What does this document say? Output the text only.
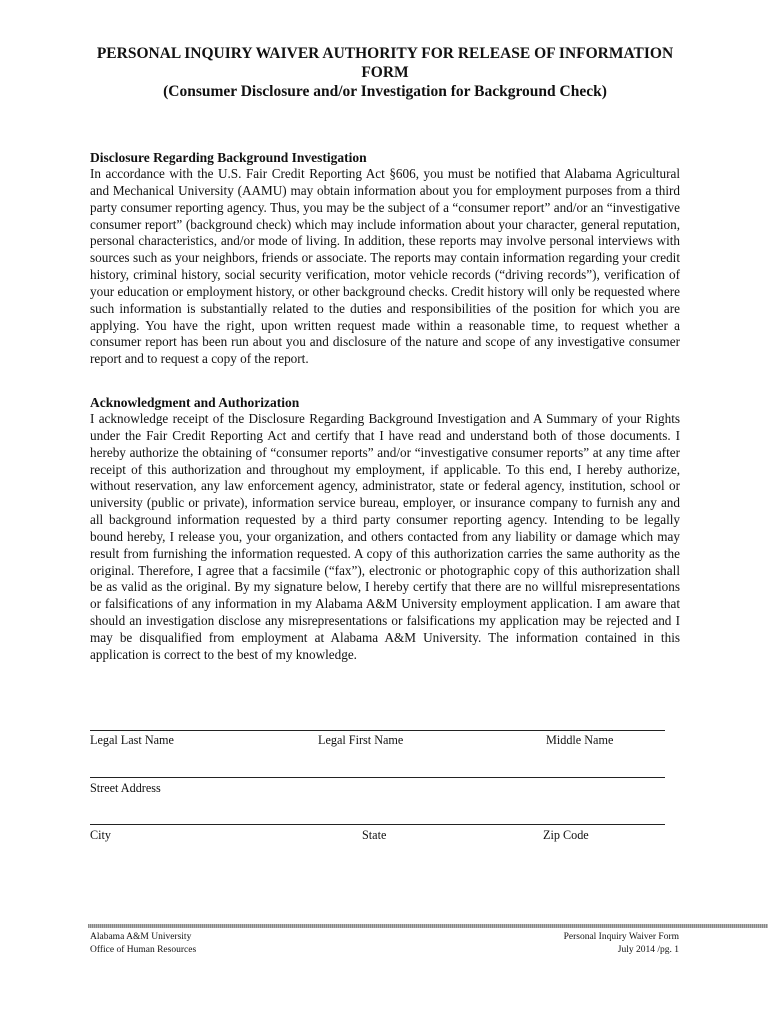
PERSONAL INQUIRY WAIVER AUTHORITY FOR RELEASE OF INFORMATION
FORM
(Consumer Disclosure and/or Investigation for Background Check)
Disclosure Regarding Background Investigation
In accordance with the U.S. Fair Credit Reporting Act §606, you must be notified that Alabama Agricultural and Mechanical University (AAMU) may obtain information about you for employment purposes from a third party consumer reporting agency. Thus, you may be the subject of a “consumer report” and/or an “investigative consumer report” (background check) which may include information about your character, general reputation, personal characteristics, and/or mode of living. In addition, these reports may involve personal interviews with sources such as your neighbors, friends or associate. The reports may contain information regarding your credit history, criminal history, social security verification, motor vehicle records (“driving records”), verification of your education or employment history, or other background checks. Credit history will only be requested where such information is substantially related to the duties and responsibilities of the position for which you are applying. You have the right, upon written request made within a reasonable time, to request whether a consumer report has been run about you and disclosure of the nature and scope of any investigative consumer report and to request a copy of the report.
Acknowledgment and Authorization
I acknowledge receipt of the Disclosure Regarding Background Investigation and A Summary of your Rights under the Fair Credit Reporting Act and certify that I have read and understand both of those documents. I hereby authorize the obtaining of “consumer reports” and/or “investigative consumer reports” at any time after receipt of this authorization and throughout my employment, if applicable. To this end, I hereby authorize, without reservation, any law enforcement agency, administrator, state or federal agency, institution, school or university (public or private), information service bureau, employer, or insurance company to furnish any and all background information requested by a third party consumer reporting agency. Intending to be legally bound hereby, I release you, your organization, and others contacted from any liability or damage which may result from furnishing the information requested. A copy of this authorization carries the same authority as the original. Therefore, I agree that a facsimile (“fax”), electronic or photographic copy of this authorization shall be as valid as the original. By my signature below, I hereby certify that there are no willful misrepresentations or falsifications of any information in my Alabama A&M University employment application. I am aware that should an investigation disclose any misrepresentations or falsifications my application may be rejected and I may be disqualified from employment at Alabama A&M University. The information contained in this application is correct to the best of my knowledge.
Legal Last Name	Legal First Name	Middle Name
Street Address
City	State	Zip Code
Alabama A&M University
Office of Human Resources
Personal Inquiry Waiver Form
July 2014 /pg. 1
